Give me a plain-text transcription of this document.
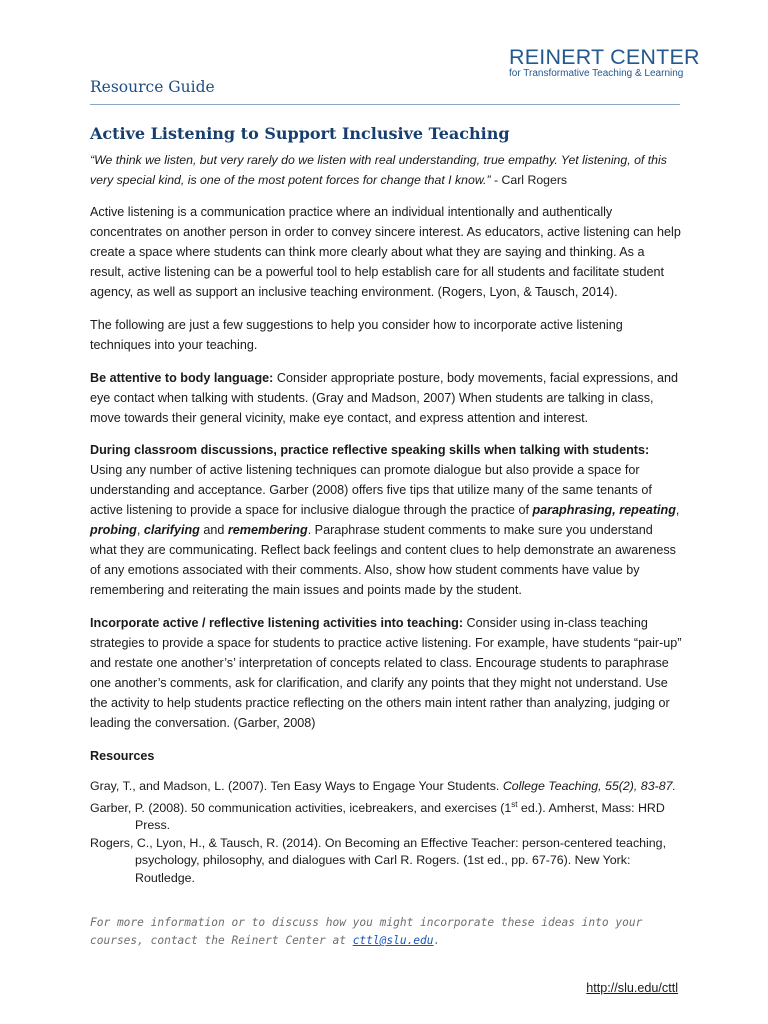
REINERT CENTER
for Transformative Teaching & Learning
Resource Guide
Active Listening to Support Inclusive Teaching
“We think we listen, but very rarely do we listen with real understanding, true empathy. Yet listening, of this very special kind, is one of the most potent forces for change that I know.” - Carl Rogers
Active listening is a communication practice where an individual intentionally and authentically concentrates on another person in order to convey sincere interest. As educators, active listening can help create a space where students can think more clearly about what they are saying and thinking. As a result, active listening can be a powerful tool to help establish care for all students and facilitate student agency, as well as support an inclusive teaching environment. (Rogers, Lyon, & Tausch, 2014).
The following are just a few suggestions to help you consider how to incorporate active listening techniques into your teaching.
Be attentive to body language: Consider appropriate posture, body movements, facial expressions, and eye contact when talking with students. (Gray and Madson, 2007) When students are talking in class, move towards their general vicinity, make eye contact, and express attention and interest.
During classroom discussions, practice reflective speaking skills when talking with students: Using any number of active listening techniques can promote dialogue but also provide a space for understanding and acceptance. Garber (2008) offers five tips that utilize many of the same tenants of active listening to provide a space for inclusive dialogue through the practice of paraphrasing, repeating, probing, clarifying and remembering. Paraphrase student comments to make sure you understand what they are communicating. Reflect back feelings and content clues to help demonstrate an awareness of any emotions associated with their comments. Also, show how student comments have value by remembering and reiterating the main issues and points made by the student.
Incorporate active / reflective listening activities into teaching: Consider using in-class teaching strategies to provide a space for students to practice active listening. For example, have students “pair-up” and restate one another’s’ interpretation of concepts related to class. Encourage students to paraphrase one another’s comments, ask for clarification, and clarify any points that they might not understand. Use the activity to help students practice reflecting on the others main intent rather than analyzing, judging or leading the conversation. (Garber, 2008)
Resources
Gray, T., and Madson, L. (2007). Ten Easy Ways to Engage Your Students. College Teaching, 55(2), 83-87.
Garber, P. (2008). 50 communication activities, icebreakers, and exercises (1st ed.). Amherst, Mass: HRD Press.
Rogers, C., Lyon, H., & Tausch, R. (2014). On Becoming an Effective Teacher: person-centered teaching, psychology, philosophy, and dialogues with Carl R. Rogers. (1st ed., pp. 67-76). New York: Routledge.
For more information or to discuss how you might incorporate these ideas into your courses, contact the Reinert Center at cttl@slu.edu.
http://slu.edu/cttl
